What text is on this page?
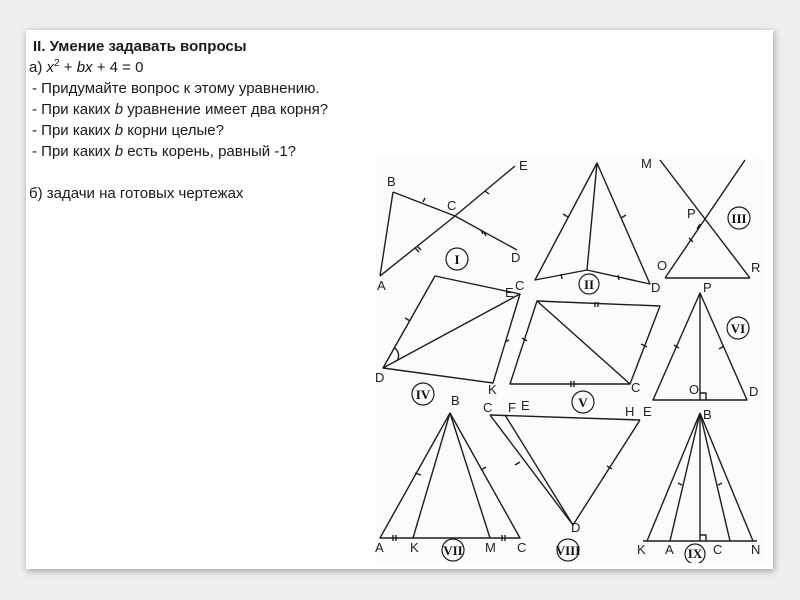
II. Умение задавать вопросы
а) $x^2$ + bx + 4 = 0
- Придумайте вопрос к этому уравнению.
- При каких b уравнение имеет два корня?
- При каких b корни целые?
- При каких b есть корень, равный -1?
б) задачи на готовых чертежах
B
C
A
E
D
D
K
C
M
P
O	R
P
O	D
B
A K	M C
C F	H E
D
E
B
K A	C N
E	D
C
I
II
III
IV
V
VI
VII	VIII	IX
